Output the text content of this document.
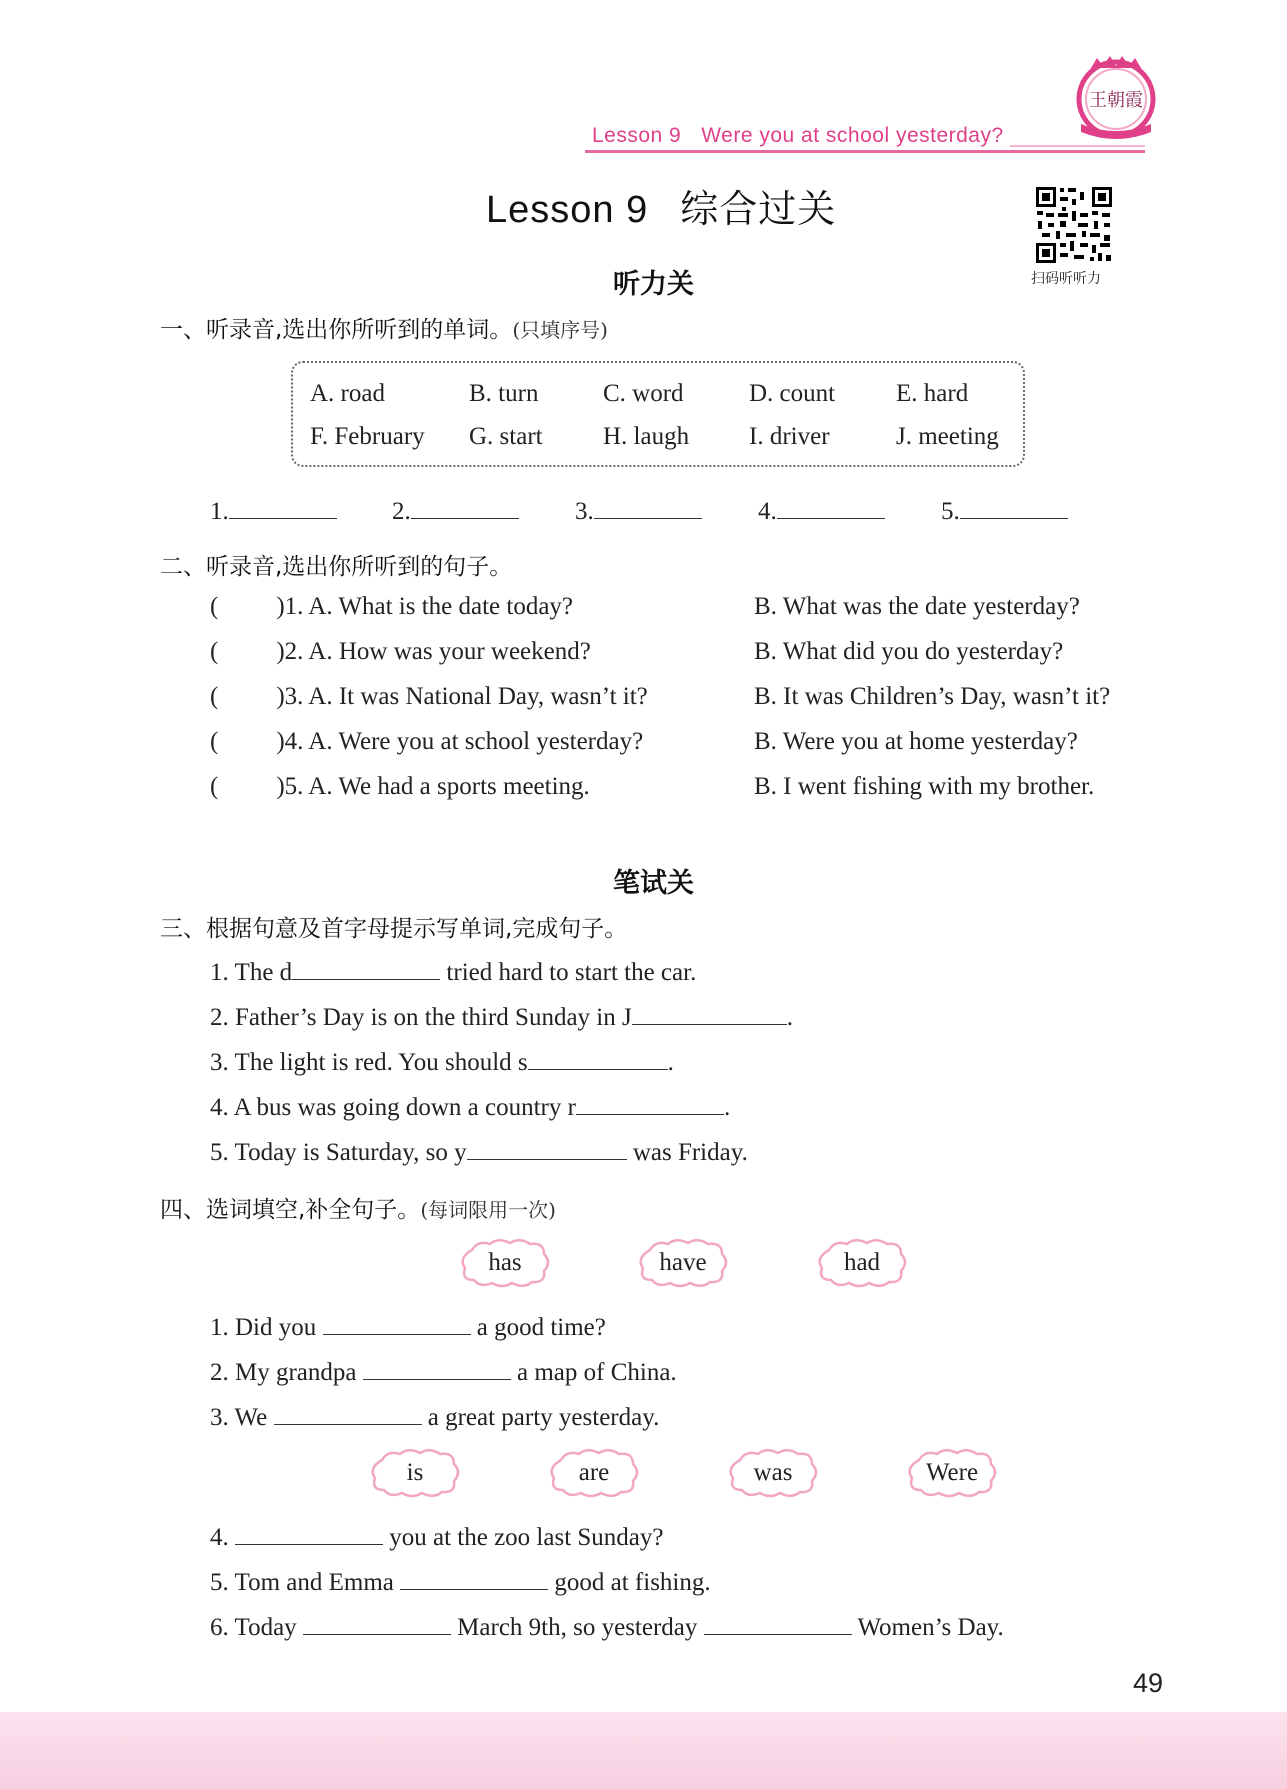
Lesson 9 Were you at school yesterday?
王朝霞
Lesson 9 综合过关
扫码听听力
听力关
一、听录音,选出你所听到的单词。(只填序号)
A. road	B. turn	C. word	D. count E. hard
F. February G. start H. laugh I. driver	J. meeting
1.	2.	3.	4.	5.
二、听录音,选出你所听到的句子。
( )1. A. What is the date today?	B. What was the date yesterday?
( )2. A. How was your weekend?	B. What did you do yesterday?
( )3. A. It was National Day, wasn’t it?	B. It was Children’s Day, wasn’t it?
( )4. A. Were you at school yesterday?	B. Were you at home yesterday?
( )5. A. We had a sports meeting.	B. I went fishing with my brother.
笔试关
三、根据句意及首字母提示写单词,完成句子。
1. The d	tried hard to start the car.
2. Father’s Day is on the third Sunday in J	.
3. The light is red. You should s	.
4. A bus was going down a country r	.
5. Today is Saturday, so y	was Friday.
四、选词填空,补全句子。(每词限用一次)
has	have	had
1. Did you	a good time?
2. My grandpa	a map of China.
3. We	a great party yesterday.
is	are	was	Were
4.	you at the zoo last Sunday?
5. Tom and Emma	good at fishing.
6. Today	March 9th, so yesterday	Women’s Day.
49
